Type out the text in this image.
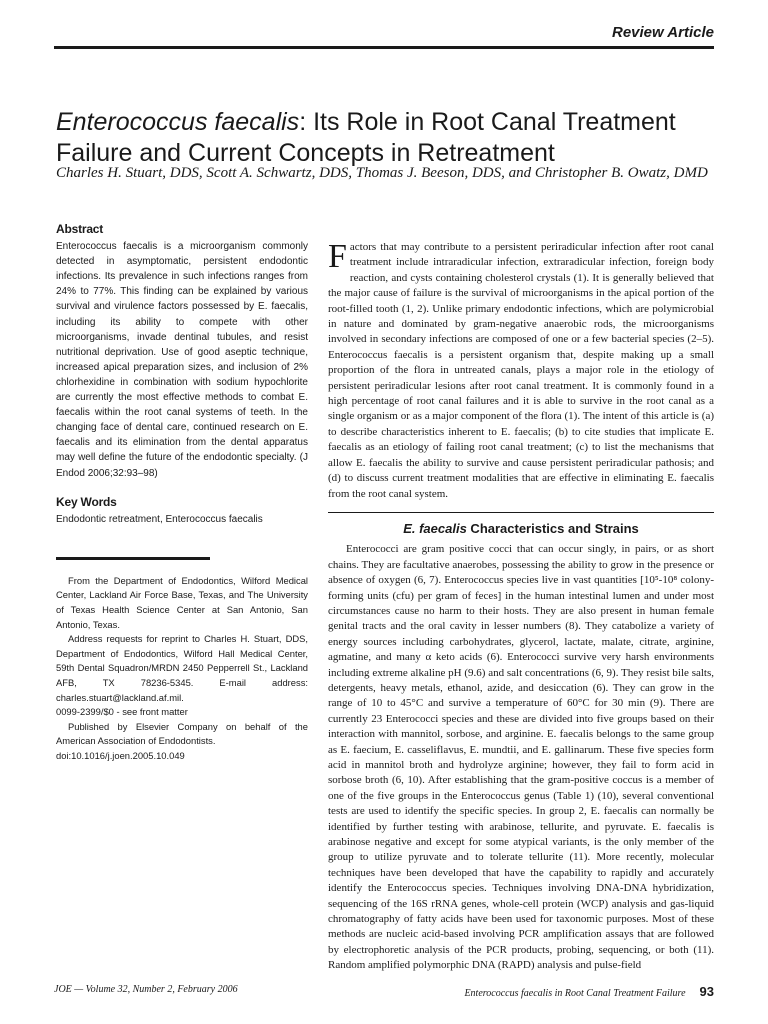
Review Article
Enterococcus faecalis: Its Role in Root Canal Treatment Failure and Current Concepts in Retreatment
Charles H. Stuart, DDS, Scott A. Schwartz, DDS, Thomas J. Beeson, DDS, and Christopher B. Owatz, DMD
Abstract

Enterococcus faecalis is a microorganism commonly detected in asymptomatic, persistent endodontic infections. Its prevalence in such infections ranges from 24% to 77%. This finding can be explained by various survival and virulence factors possessed by E. faecalis, including its ability to compete with other microorganisms, invade dentinal tubules, and resist nutritional deprivation. Use of good aseptic technique, increased apical preparation sizes, and inclusion of 2% chlorhexidine in combination with sodium hypochlorite are currently the most effective methods to combat E. faecalis within the root canal systems of teeth. In the changing face of dental care, continued research on E. faecalis and its elimination from the dental apparatus may well define the future of the endodontic specialty. (J Endod 2006;32:93–98)

Key Words

Endodontic retreatment, Enterococcus faecalis

From the Department of Endodontics, Wilford Medical Center, Lackland Air Force Base, Texas, and The University of Texas Health Science Center at San Antonio, San Antonio, Texas.

Address requests for reprint to Charles H. Stuart, DDS, Department of Endodontics, Wilford Hall Medical Center, 59th Dental Squadron/MRDN 2450 Pepperrell St., Lackland AFB, TX 78236-5345. E-mail address: charles.stuart@lackland.af.mil.

0099-2399/$0 - see front matter

Published by Elsevier Company on behalf of the American Association of Endodontists.

doi:10.1016/j.joen.2005.10.049

Factors that may contribute to a persistent periradicular infection after root canal treatment include intraradicular infection, extraradicular infection, foreign body reaction, and cysts containing cholesterol crystals (1). It is generally believed that the major cause of failure is the survival of microorganisms in the apical portion of the root-filled tooth (1, 2). Unlike primary endodontic infections, which are polymicrobial in nature and dominated by gram-negative anaerobic rods, the microorganisms involved in secondary infections are composed of one or a few bacterial species (2–5). Enterococcus faecalis is a persistent organism that, despite making up a small proportion of the flora in untreated canals, plays a major role in the etiology of persistent periradicular lesions after root canal treatment. It is commonly found in a high percentage of root canal failures and it is able to survive in the root canal as a single organism or as a major component of the flora (1). The intent of this article is (a) to describe characteristics inherent to E. faecalis; (b) to cite studies that implicate E. faecalis as an etiology of failing root canal treatment; (c) to list the mechanisms that allow E. faecalis the ability to survive and cause persistent periradicular pathosis; and (d) to discuss current treatment modalities that are effective in eliminating E. faecalis from the root canal system.

E. faecalis Characteristics and Strains

Enterococci are gram positive cocci that can occur singly, in pairs, or as short chains. They are facultative anaerobes, possessing the ability to grow in the presence or absence of oxygen (6, 7). Enterococcus species live in vast quantities [10⁵-10⁸ colony-forming units (cfu) per gram of feces] in the human intestinal lumen and under most circumstances cause no harm to their hosts. They are also present in human female genital tracts and the oral cavity in lesser numbers (8). They catabolize a variety of energy sources including carbohydrates, glycerol, lactate, malate, citrate, arginine, agmatine, and many α keto acids (6). Enterococci survive very harsh environments including extreme alkaline pH (9.6) and salt concentrations (6, 9). They resist bile salts, detergents, heavy metals, ethanol, azide, and desiccation (6). They can grow in the range of 10 to 45°C and survive a temperature of 60°C for 30 min (9). There are currently 23 Enterococci species and these are divided into five groups based on their interaction with mannitol, sorbose, and arginine. E. faecalis belongs to the same group as E. faecium, E. casseliflavus, E. mundtii, and E. gallinarum. These five species form acid in mannitol broth and hydrolyze arginine; however, they fail to form acid in sorbose broth (6, 10). After establishing that the gram-positive coccus is a member of one of the five groups in the Enterococcus genus (Table 1) (10), several conventional tests are used to identify the specific species. In group 2, E. faecalis can normally be identified by further testing with arabinose, tellurite, and pyruvate. E. faecalis is arabinose negative and except for some atypical variants, is the only member of the group to utilize pyruvate and to tolerate tellurite (11). More recently, molecular techniques have been developed that have the capability to rapidly and accurately identify the Enterococcus species. Techniques involving DNA-DNA hybridization, sequencing of the 16S rRNA genes, whole-cell protein (WCP) analysis and gas-liquid chromatography of fatty acids have been used for taxonomic purposes. Most of these methods are nucleic acid-based involving PCR amplification assays that are followed by electrophoretic analysis of the PCR products, probing, sequencing, or both (11). Random amplified polymorphic DNA (RAPD) analysis and pulse-field

JOE — Volume 32, Number 2, February 2006	Enterococcus faecalis in Root Canal Treatment Failure 93
